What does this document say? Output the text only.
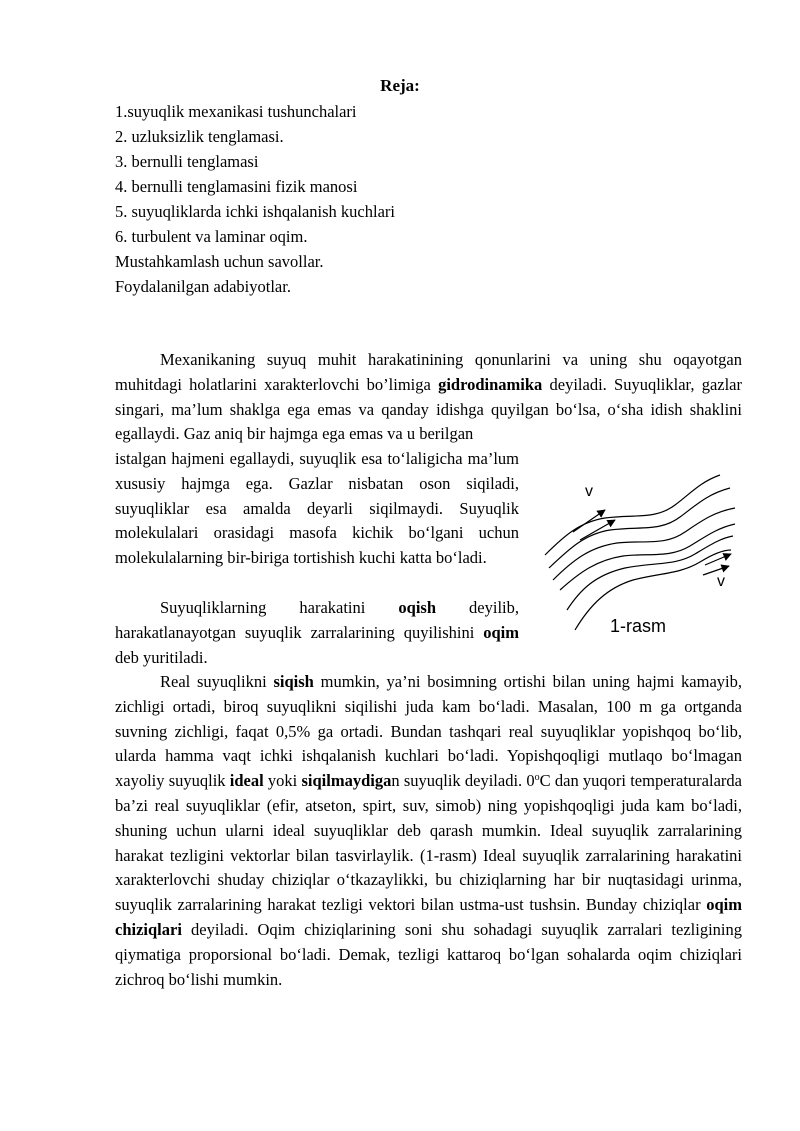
Reja:
1.suyuqlik mexanikasi tushunchalari
2. uzluksizlik tenglamasi.
3. bernulli tenglamasi
4. bernulli tenglamasini fizik manosi
5. suyuqliklarda ichki ishqalanish kuchlari
6. turbulent va laminar oqim.
Mustahkamlash uchun savollar.
Foydalanilgan adabiyotlar.
Mexanikaning suyuq muhit harakatinining qonunlarini va uning shu oqayotgan muhitdagi holatlarini xarakterlovchi bo’limiga gidrodinamika deyiladi. Suyuqliklar, gazlar singari, ma’lum shaklga ega emas va qanday idishga quyilgan bo‘lsa, o‘sha idish shaklini egallaydi. Gaz aniq bir hajmga ega emas va u berilgan
istalgan hajmeni egallaydi, suyuqlik esa to‘laligicha ma’lum xususiy hajmga ega. Gazlar nisbatan oson siqiladi, suyuqliklar esa amalda deyarli siqilmaydi. Suyuqlik molekulalari orasidagi masofa kichik bo‘lgani uchun molekulalarning bir-biriga tortishish kuchi katta bo‘ladi.
Suyuqliklarning harakatini oqish deyilib, harakatlanayotgan suyuqlik zarralarining quyilishini oqim deb yuritiladi.
Real suyuqlikni siqish mumkin, ya’ni bosimning ortishi bilan uning hajmi kamayib, zichligi ortadi, biroq suyuqlikni siqilishi juda kam bo‘ladi. Masalan, 100 m ga ortganda suvning zichligi, faqat 0,5% ga ortadi. Bundan tashqari real suyuqliklar yopishqoq bo‘lib, ularda hamma vaqt ichki ishqalanish kuchlari bo‘ladi. Yopishqoqligi mutlaqo bo‘lmagan xayoliy suyuqlik ideal yoki siqilmaydigan suyuqlik deyiladi. 0$^o$C dan yuqori temperaturalarda ba’zi real suyuqliklar (efir, atseton, spirt, suv, simob) ning yopishqoqligi juda kam bo‘ladi, shuning uchun ularni ideal suyuqliklar deb qarash mumkin. Ideal suyuqlik zarralarining harakat tezligini vektorlar bilan tasvirlaylik. (1-rasm) Ideal suyuqlik zarralarining harakatini xarakterlovchi shuday chiziqlar o‘tkazaylikki, bu chiziqlarning har bir nuqtasidagi urinma, suyuqlik zarralarining harakat tezligi vektori bilan ustma-ust tushsin. Bunday chiziqlar oqim chiziqlari deyiladi. Oqim chiziqlarining soni shu sohadagi suyuqlik zarralari tezligining qiymatiga proporsional bo‘ladi. Demak, tezligi kattaroq bo‘lgan sohalarda oqim chiziqlari zichroq bo‘lishi mumkin.
v
v
1-rasm
